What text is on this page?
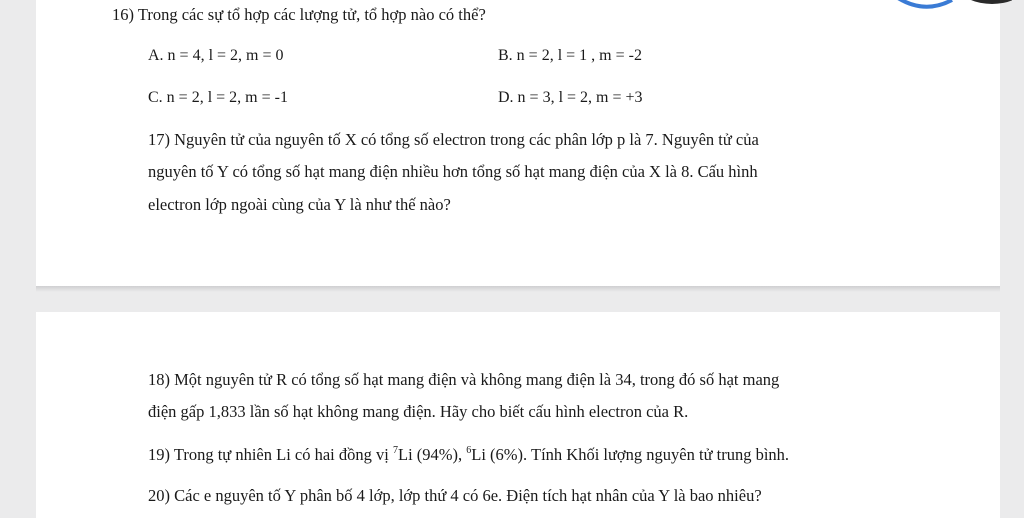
16) Trong các sự tổ hợp các lượng tử, tổ hợp nào có thể?
A. n = 4, l = 2, m = 0	B. n = 2, l = 1 , m = -2
C. n = 2, l = 2, m = -1	D. n = 3, l = 2, m = +3
17) Nguyên tử của nguyên tố X có tổng số electron trong các phân lớp p là 7. Nguyên tử của
nguyên tố Y có tổng số hạt mang điện nhiều hơn tổng số hạt mang điện của X là 8. Cấu hình
electron lớp ngoài cùng của Y là như thế nào?
18) Một nguyên tử R có tổng số hạt mang điện và không mang điện là 34, trong đó số hạt mang
điện gấp 1,833 lần số hạt không mang điện. Hãy cho biết cấu hình electron của R.
19) Trong tự nhiên Li có hai đồng vị $^7$Li (94%), $^6$Li (6%). Tính Khối lượng nguyên tử trung bình.
20) Các e nguyên tố Y phân bố 4 lớp, lớp thứ 4 có 6e. Điện tích hạt nhân của Y là bao nhiêu?
